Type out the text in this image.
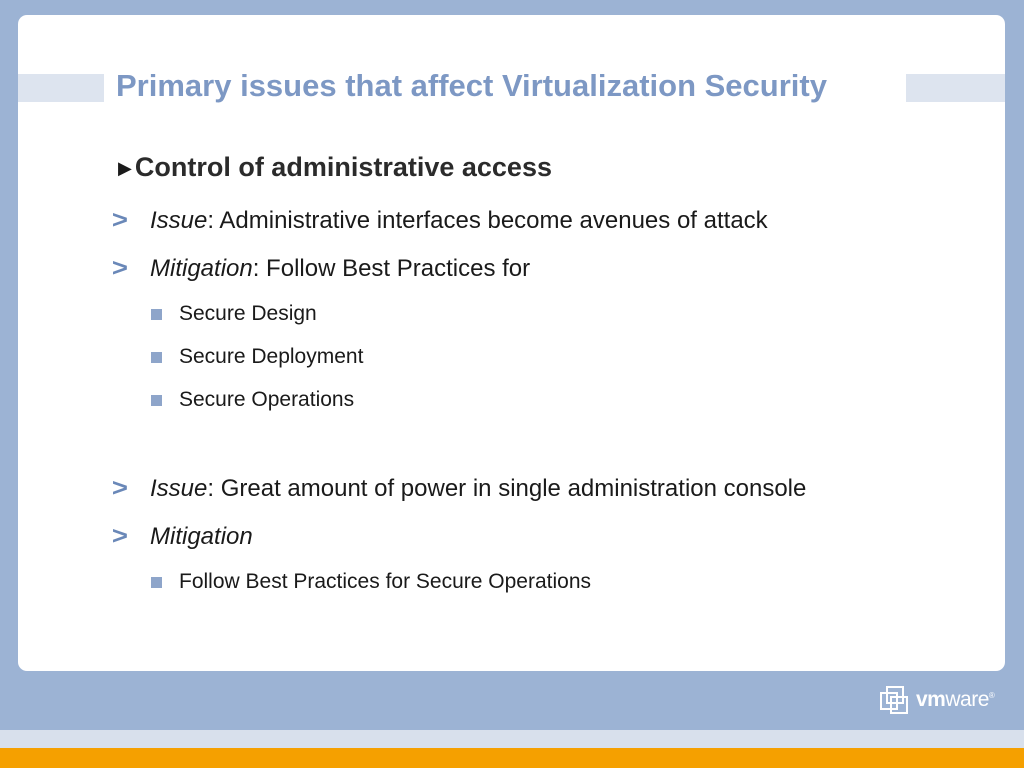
Primary issues that affect Virtualization Security
▶ Control of administrative access
> Issue : Administrative interfaces become avenues of attack
> Mitigation : Follow Best Practices for
Secure Design
Secure Deployment
Secure Operations
> Issue : Great amount of power in single administration console
> Mitigation
Follow Best Practices for Secure Operations
vmware®
